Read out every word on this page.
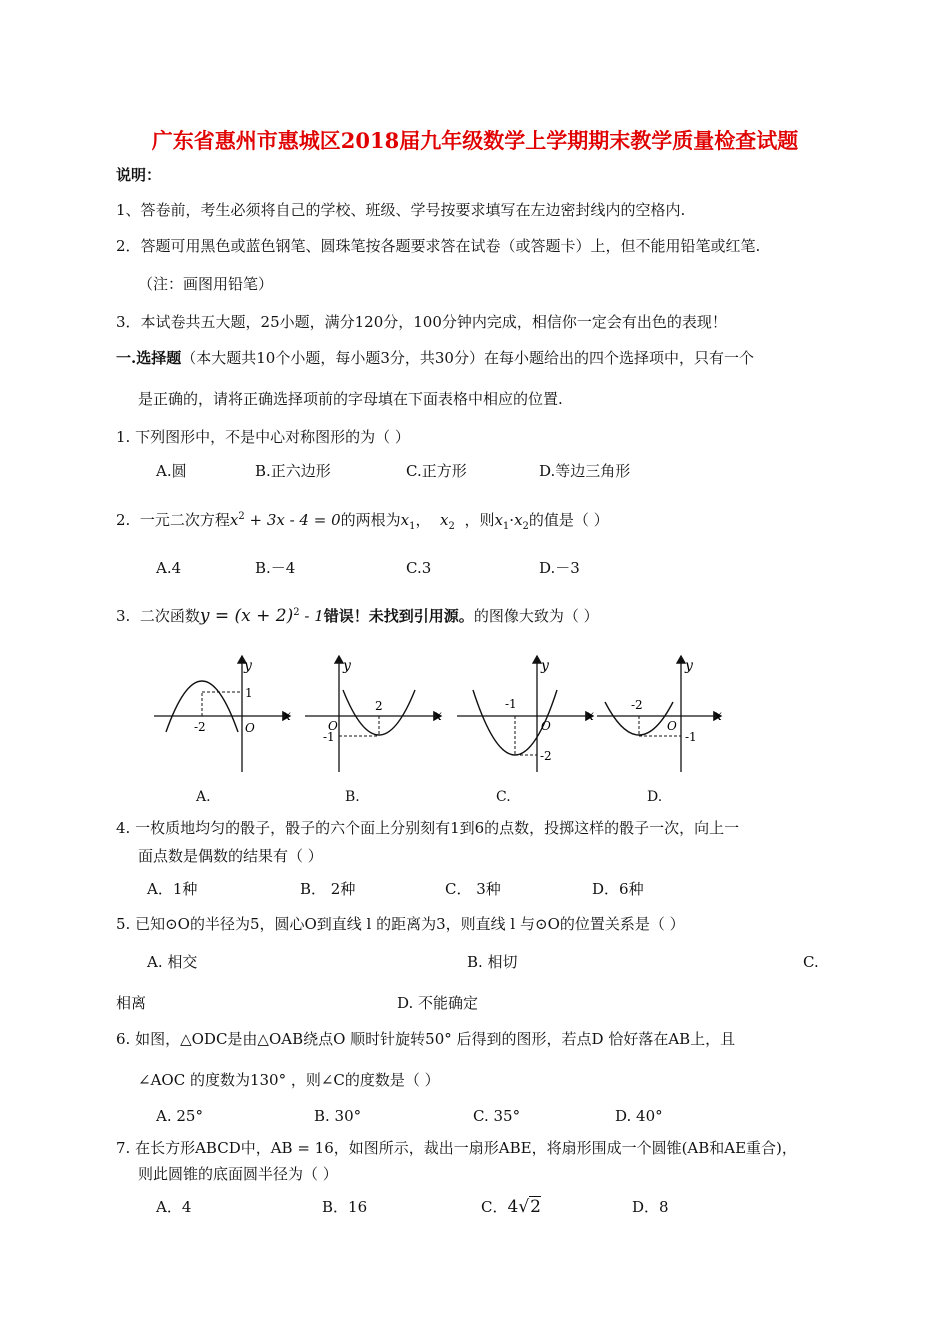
广东省惠州市惠城区2018届九年级数学上学期期末教学质量检查试题
说明：
1、答卷前，考生必须将自己的学校、班级、学号按要求填写在左边密封线内的空格内.
2．答题可用黑色或蓝色钢笔、圆珠笔按各题要求答在试卷（或答题卡）上，但不能用铅笔或红笔.
（注：画图用铅笔）
3．本试卷共五大题，25小题，满分120分，100分钟内完成，相信你一定会有出色的表现！
一.选择题（本大题共10个小题，每小题3分，共30分）在每小题给出的四个选择项中，只有一个
是正确的，请将正确选择项前的字母填在下面表格中相应的位置.
1. 下列图形中，不是中心对称图形的为（ ）
A.圆	B.正六边形	C.正方形	D.等边三角形
2. 一元二次方程$x^2 + 3x - 4 = 0$的两根为$x_1$， $x_2$ ，则$x_1\cdot x_2$的值是（ ）
A.4	B.－4	C.3	D.－3
3. 二次函数$y = (x + 2)^2 - 1$错误！未找到引用源。的图像大致为（ ）
y
x
O
-2
1
y
x
O
2
-1
y
x
O
-1
-2
y
x
O
-2
-1
A.	B.	C.	D.
4. 一枚质地均匀的骰子，骰子的六个面上分别刻有1到6的点数，投掷这样的骰子一次，向上一
面点数是偶数的结果有（ ）
A．1种	B． 2种	C． 3种	D．6种
5. 已知⊙O的半径为5，圆心O到直线 l 的距离为3，则直线 l 与⊙O的位置关系是（ ）
A. 相交	B. 相切	C.
相离	D. 不能确定
6. 如图，△ODC是由△OAB绕点O 顺时针旋转50° 后得到的图形，若点D 恰好落在AB上，且
∠AOC 的度数为130° ，则∠C的度数是（ ）
A. 25°	B. 30°	C. 35°	D. 40°
7. 在长方形ABCD中，AB = 16，如图所示，裁出一扇形ABE，将扇形围成一个圆锥(AB和AE重合)，
则此圆锥的底面圆半径为（ ）
A．4	B．16	C．4√2	D．8
